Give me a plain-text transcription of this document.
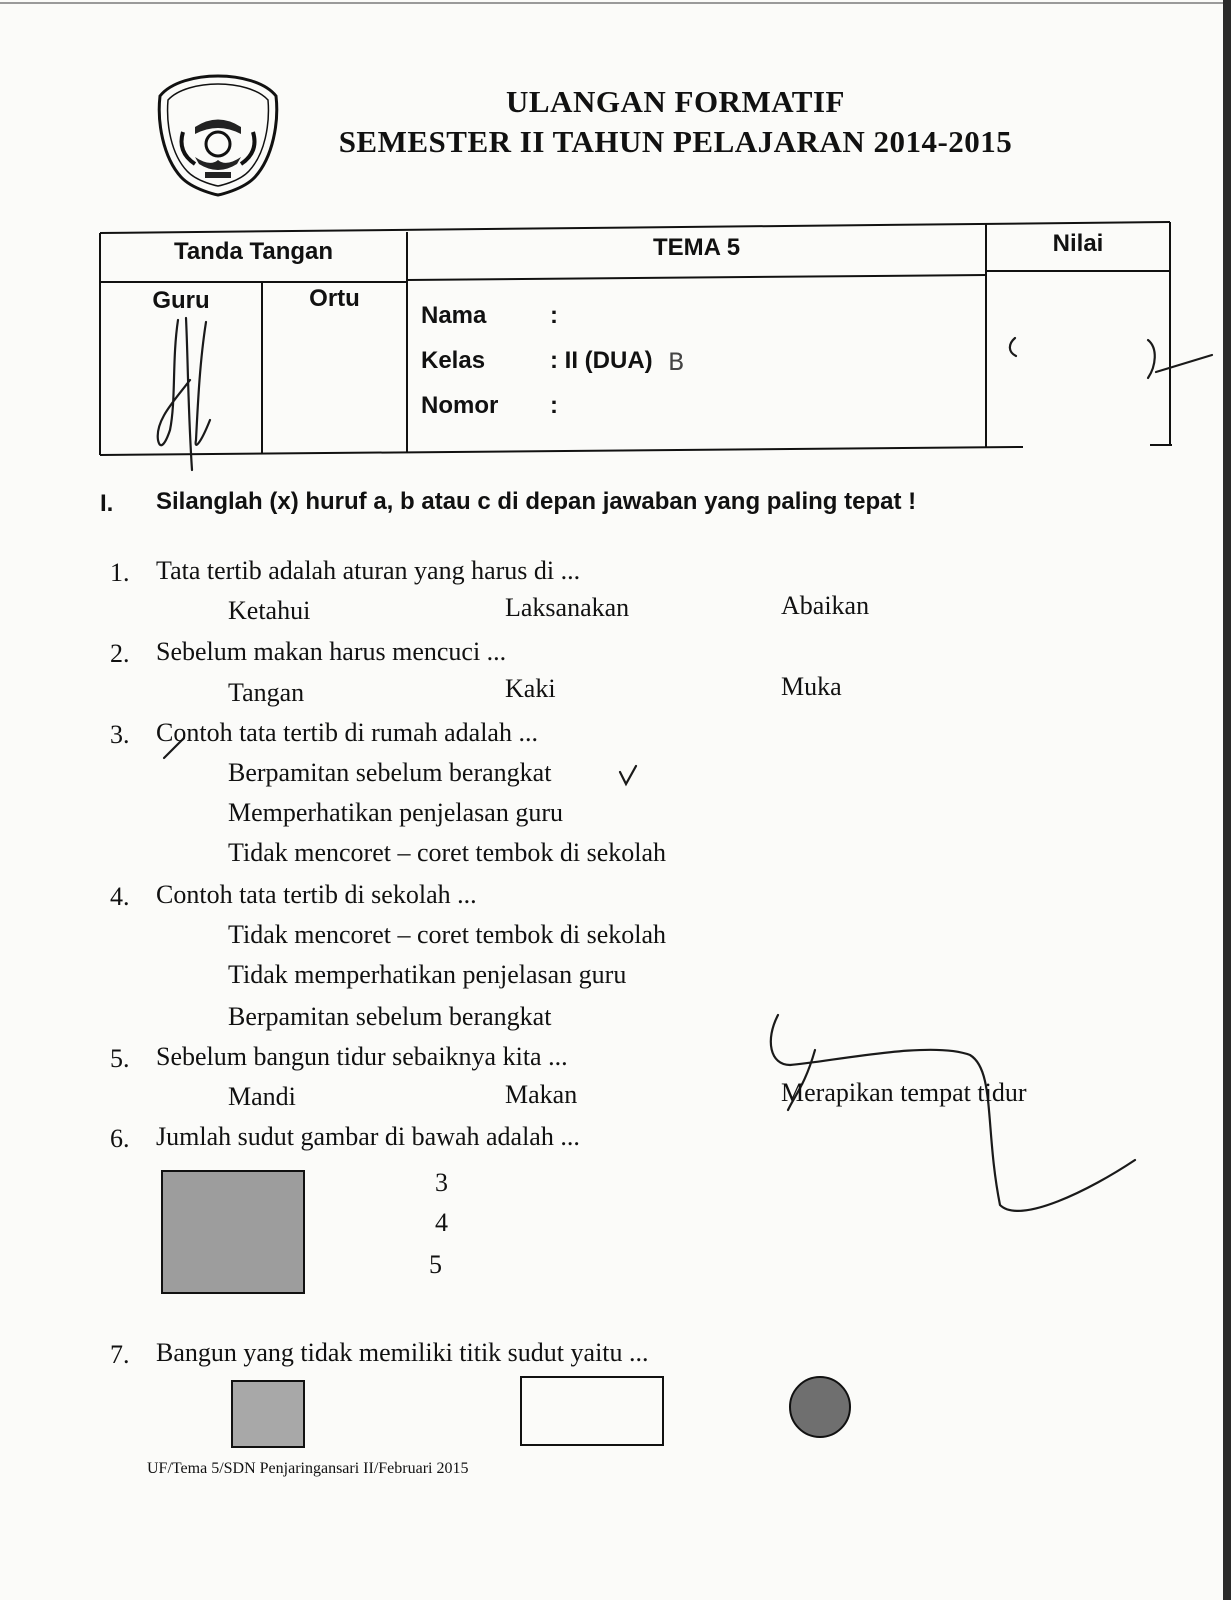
ULANGAN FORMATIF
SEMESTER II TAHUN PELAJARAN 2014-2015
Tanda Tangan	TEMA 5	Nilai
Guru	Ortu
Nama	:
Kelas	: II (DUA) B
Nomor :
I. Silanglah (x) huruf a, b atau c di depan jawaban yang paling tepat !
1. Tata tertib adalah aturan yang harus di ...
Ketahui	Laksanakan	Abaikan
2. Sebelum makan harus mencuci ...
Tangan	Kaki	Muka
3. Contoh tata tertib di rumah adalah ...
Berpamitan sebelum berangkat
Memperhatikan penjelasan guru
Tidak mencoret – coret tembok di sekolah
4. Contoh tata tertib di sekolah ...
Tidak mencoret – coret tembok di sekolah
Tidak memperhatikan penjelasan guru
Berpamitan sebelum berangkat
5. Sebelum bangun tidur sebaiknya kita ...
Mandi	Makan	Merapikan tempat tidur
6. Jumlah sudut gambar di bawah adalah ...
3
4
5
7. Bangun yang tidak memiliki titik sudut yaitu ...
UF/Tema 5/SDN Penjaringansari II/Februari 2015
